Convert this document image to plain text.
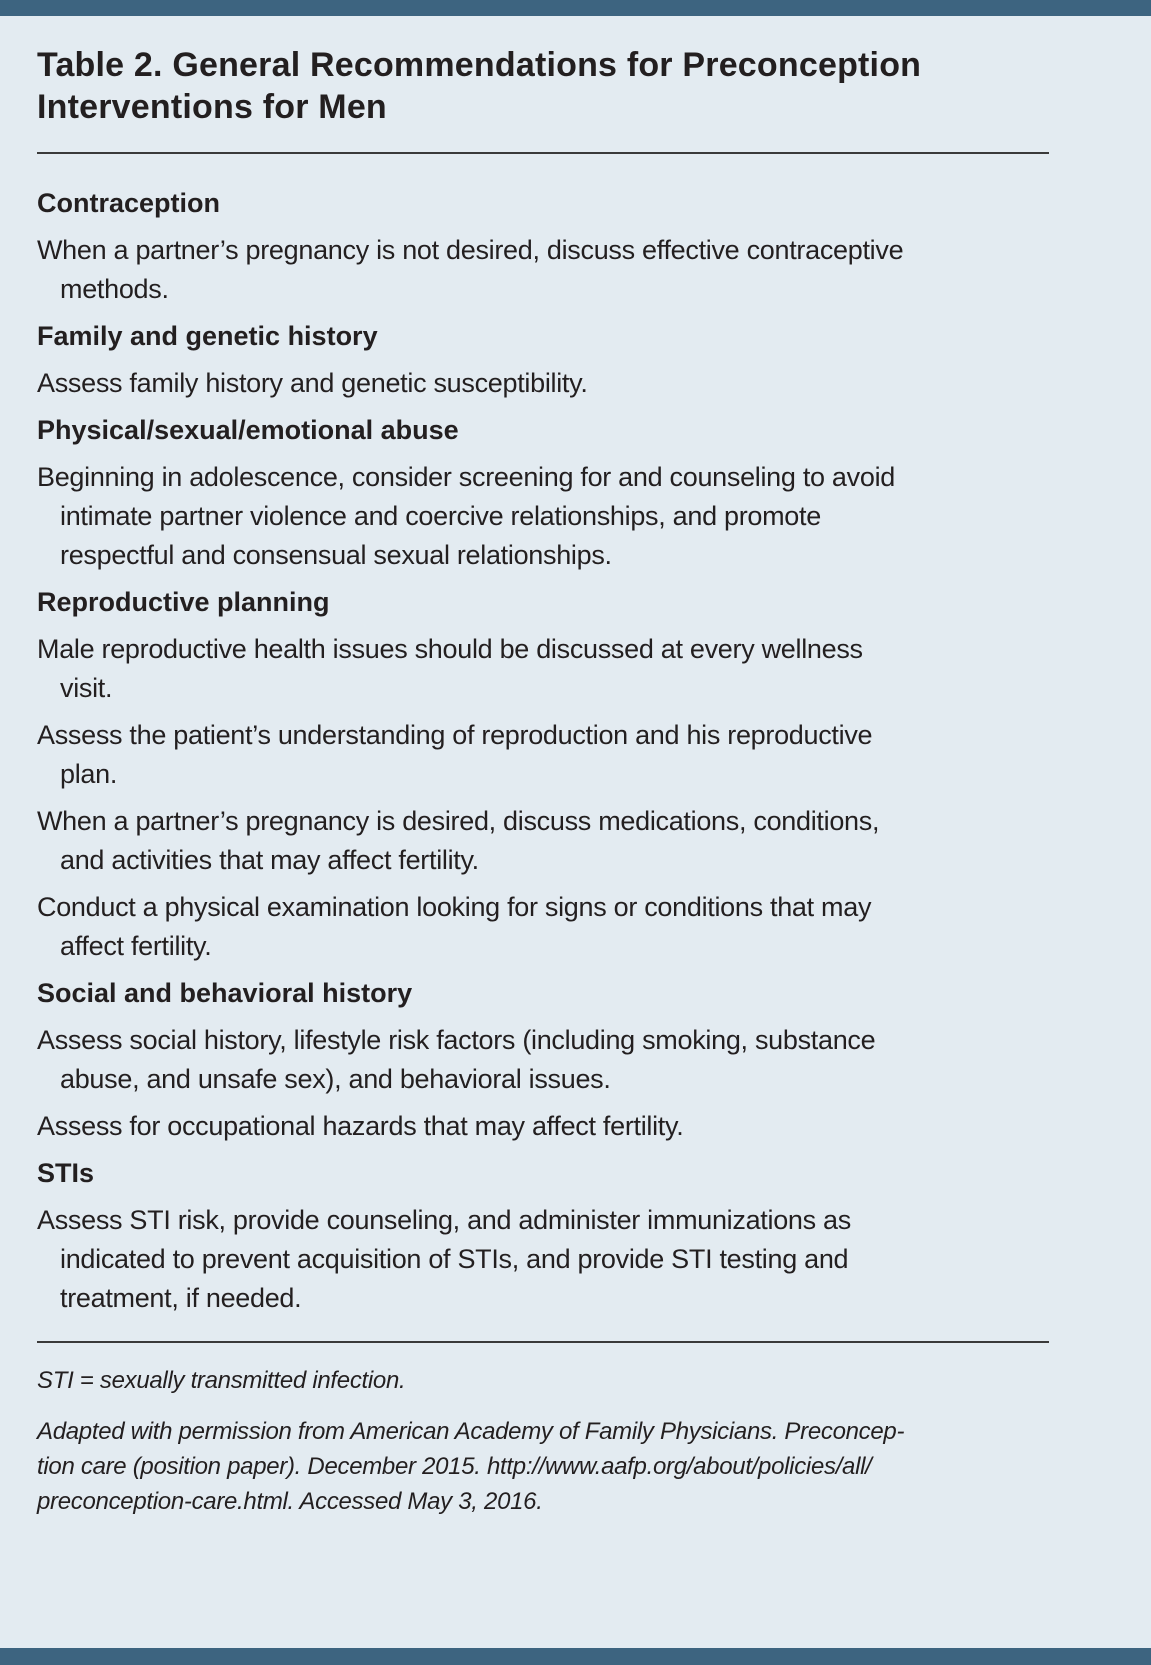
Table 2. General Recommendations for Preconception
Interventions for Men
Contraception
When a partner’s pregnancy is not desired, discuss effective contraceptive
methods.
Family and genetic history
Assess family history and genetic susceptibility.
Physical/sexual/emotional abuse
Beginning in adolescence, consider screening for and counseling to avoid
intimate partner violence and coercive relationships, and promote
respectful and consensual sexual relationships.
Reproductive planning
Male reproductive health issues should be discussed at every wellness
visit.
Assess the patient’s understanding of reproduction and his reproductive
plan.
When a partner’s pregnancy is desired, discuss medications, conditions,
and activities that may affect fertility.
Conduct a physical examination looking for signs or conditions that may
affect fertility.
Social and behavioral history
Assess social history, lifestyle risk factors (including smoking, substance
abuse, and unsafe sex), and behavioral issues.
Assess for occupational hazards that may affect fertility.
STIs
Assess STI risk, provide counseling, and administer immunizations as
indicated to prevent acquisition of STIs, and provide STI testing and
treatment, if needed.
STI = sexually transmitted infection.
Adapted with permission from American Academy of Family Physicians. Preconcep-
tion care (position paper). December 2015. http://www.aafp.org/about/policies/all/
preconception-care.html. Accessed May 3, 2016.
